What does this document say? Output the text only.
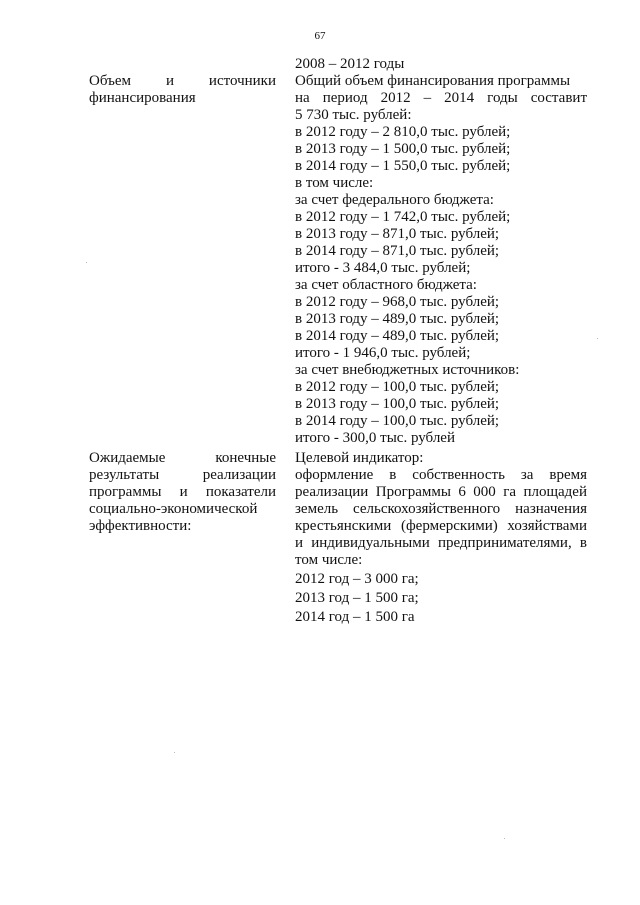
67

2008 – 2012 годы

Объем и источники

финансирования

Общий объем финансирования программы

на период 2012 – 2014 годы составит

5 730 тыс. рублей:

в 2012 году – 2 810,0 тыс. рублей;

в 2013 году – 1 500,0 тыс. рублей;

в 2014 году – 1 550,0 тыс. рублей;

в том числе:

за счет федерального бюджета:

в 2012 году – 1 742,0 тыс. рублей;

в 2013 году – 871,0 тыс. рублей;

в 2014 году – 871,0 тыс. рублей;

итого - 3 484,0 тыс. рублей;

за счет областного бюджета:

в 2012 году – 968,0 тыс. рублей;

в 2013 году – 489,0 тыс. рублей;

в 2014 году – 489,0 тыс. рублей;

итого - 1 946,0 тыс. рублей;

за счет внебюджетных источников:

в 2012 году – 100,0 тыс. рублей;

в 2013 году – 100,0 тыс. рублей;

в 2014 году – 100,0 тыс. рублей;

итого - 300,0 тыс. рублей

Ожидаемые конечные

результаты реализации

программы и показатели

социально-экономической

эффективности:

Целевой индикатор:

оформление в собственность за время

реализации Программы 6 000 га площадей

земель сельскохозяйственного назначения

крестьянскими (фермерскими) хозяйствами

и индивидуальными предпринимателями, в

том числе:

2012 год – 3 000 га;

2013 год – 1 500 га;

2014 год – 1 500 га
